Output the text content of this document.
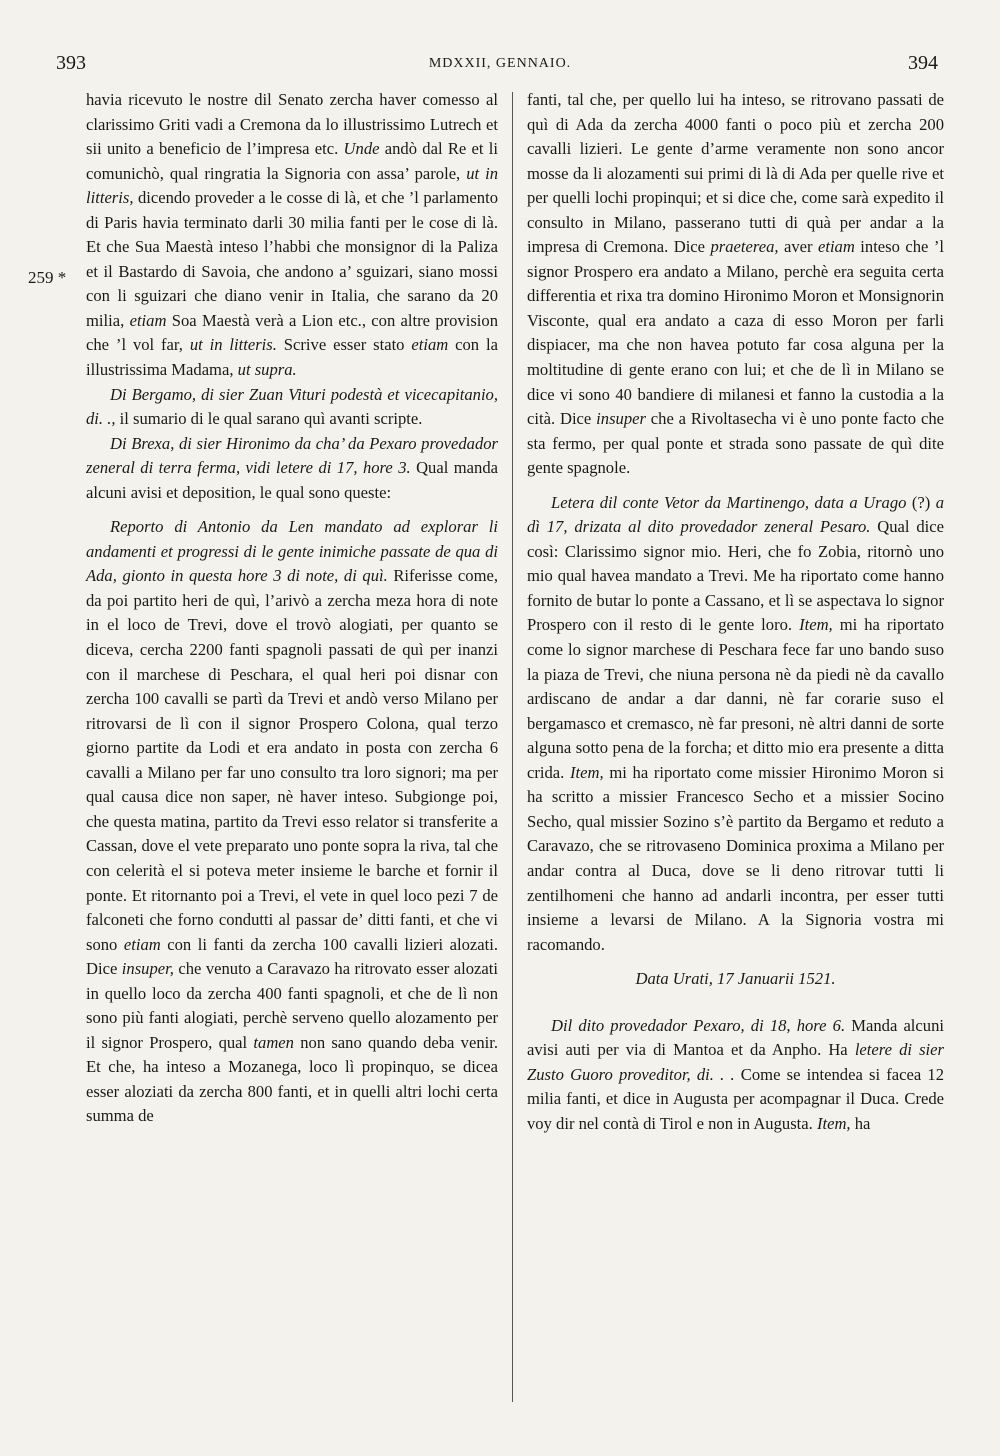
393	MDXXII, GENNAIO.	394
259 *

havia ricevuto le nostre dil Senato zercha haver comesso al clarissimo Griti vadi a Cremona da lo illustrissimo Lutrech et sii unito a beneficio de l’impresa etc. Unde andò dal Re et li comunichò, qual ringratia la Signoria con assa’ parole, ut in litteris, dicendo proveder a le cosse di là, et che ’l parlamento di Paris havia terminato darli 30 milia fanti per le cose di là. Et che Sua Maestà inteso l’habbi che monsignor di la Paliza et il Bastardo di Savoia, che andono a’ sguizari, siano mossi con li sguizari che diano venir in Italia, che sarano da 20 milia, etiam Soa Maestà verà a Lion etc., con altre provision che ’l vol far, ut in litteris. Scrive esser stato etiam con la illustrissima Madama, ut supra.

Di Bergamo, di sier Zuan Vituri podestà et vicecapitanio, di. ., il sumario di le qual sarano quì avanti scripte.

Di Brexa, di sier Hironimo da cha’ da Pexaro provedador zeneral di terra ferma, vidi letere di 17, hore 3. Qual manda alcuni avisi et deposition, le qual sono queste:

Reporto di Antonio da Len mandato ad explorar li andamenti et progressi di le gente inimiche passate de qua di Ada, gionto in questa hore 3 di note, di quì. Riferisse come, da poi partito heri de quì, l’arivò a zercha meza hora di note in el loco de Trevi, dove el trovò alogiati, per quanto se diceva, cercha 2200 fanti spagnoli passati de quì per inanzi con il marchese di Peschara, el qual heri poi disnar con zercha 100 cavalli se partì da Trevi et andò verso Milano per ritrovarsi de lì con il signor Prospero Colona, qual terzo giorno partite da Lodi et era andato in posta con zercha 6 cavalli a Milano per far uno consulto tra loro signori; ma per qual causa dice non saper, nè haver inteso. Subgionge poi, che questa matina, partito da Trevi esso relator si transferite a Cassan, dove el vete preparato uno ponte sopra la riva, tal che con celerità el si poteva meter insieme le barche et fornir il ponte. Et ritornanto poi a Trevi, el vete in quel loco pezi 7 de falconeti che forno condutti al passar de’ ditti fanti, et che vi sono etiam con li fanti da zercha 100 cavalli lizieri alozati. Dice insuper, che venuto a Caravazo ha ritrovato esser alozati in quello loco da zercha 400 fanti spagnoli, et che de lì non sono più fanti alogiati, perchè serveno quello alozamento per il signor Prospero, qual tamen non sano quando deba venir. Et che, ha inteso a Mozanega, loco lì propinquo, se dicea esser aloziati da zercha 800 fanti, et in quelli altri lochi certa summa de

fanti, tal che, per quello lui ha inteso, se ritrovano passati de quì di Ada da zercha 4000 fanti o poco più et zercha 200 cavalli lizieri. Le gente d’arme veramente non sono ancor mosse da li alozamenti sui primi di là di Ada per quelle rive et per quelli lochi propinqui; et si dice che, come sarà expedito il consulto in Milano, passerano tutti di quà per andar a la impresa di Cremona. Dice praeterea, aver etiam inteso che ’l signor Prospero era andato a Milano, perchè era seguita certa differentia et rixa tra domino Hironimo Moron et Monsignorin Visconte, qual era andato a caza di esso Moron per farli dispiacer, ma che non havea potuto far cosa alguna per la moltitudine di gente erano con lui; et che de lì in Milano se dice vi sono 40 bandiere di milanesi et fanno la custodia a la cità. Dice insuper che a Rivoltasecha vi è uno ponte facto che sta fermo, per qual ponte et strada sono passate de quì dite gente spagnole.

Letera dil conte Vetor da Martinengo, data a Urago (?) a dì 17, drizata al dito provedador zeneral Pesaro. Qual dice così: Clarissimo signor mio. Heri, che fo Zobia, ritornò uno mio qual havea mandato a Trevi. Me ha riportato come hanno fornito de butar lo ponte a Cassano, et lì se aspectava lo signor Prospero con il resto di le gente loro. Item, mi ha riportato come lo signor marchese di Peschara fece far uno bando suso la piaza de Trevi, che niuna persona nè da piedi nè da cavallo ardiscano de andar a dar danni, nè far corarie suso el bergamasco et cremasco, nè far presoni, nè altri danni de sorte alguna sotto pena de la forcha; et ditto mio era presente a ditta crida. Item, mi ha riportato come missier Hironimo Moron si ha scritto a missier Francesco Secho et a missier Socino Secho, qual missier Sozino s’è partito da Bergamo et reduto a Caravazo, che se ritrovaseno Dominica proxima a Milano per andar contra al Duca, dove se li deno ritrovar tutti li zentilhomeni che hanno ad andarli incontra, per esser tutti insieme a levarsi de Milano. A la Signoria vostra mi racomando.

Data Urati, 17 Januarii 1521.

Dil dito provedador Pexaro, di 18, hore 6. Manda alcuni avisi auti per via di Mantoa et da Anpho. Ha letere di sier Zusto Guoro proveditor, di. . . Come se intendea si facea 12 milia fanti, et dice in Augusta per acompagnar il Duca. Crede voy dir nel contà di Tirol e non in Augusta. Item, ha
